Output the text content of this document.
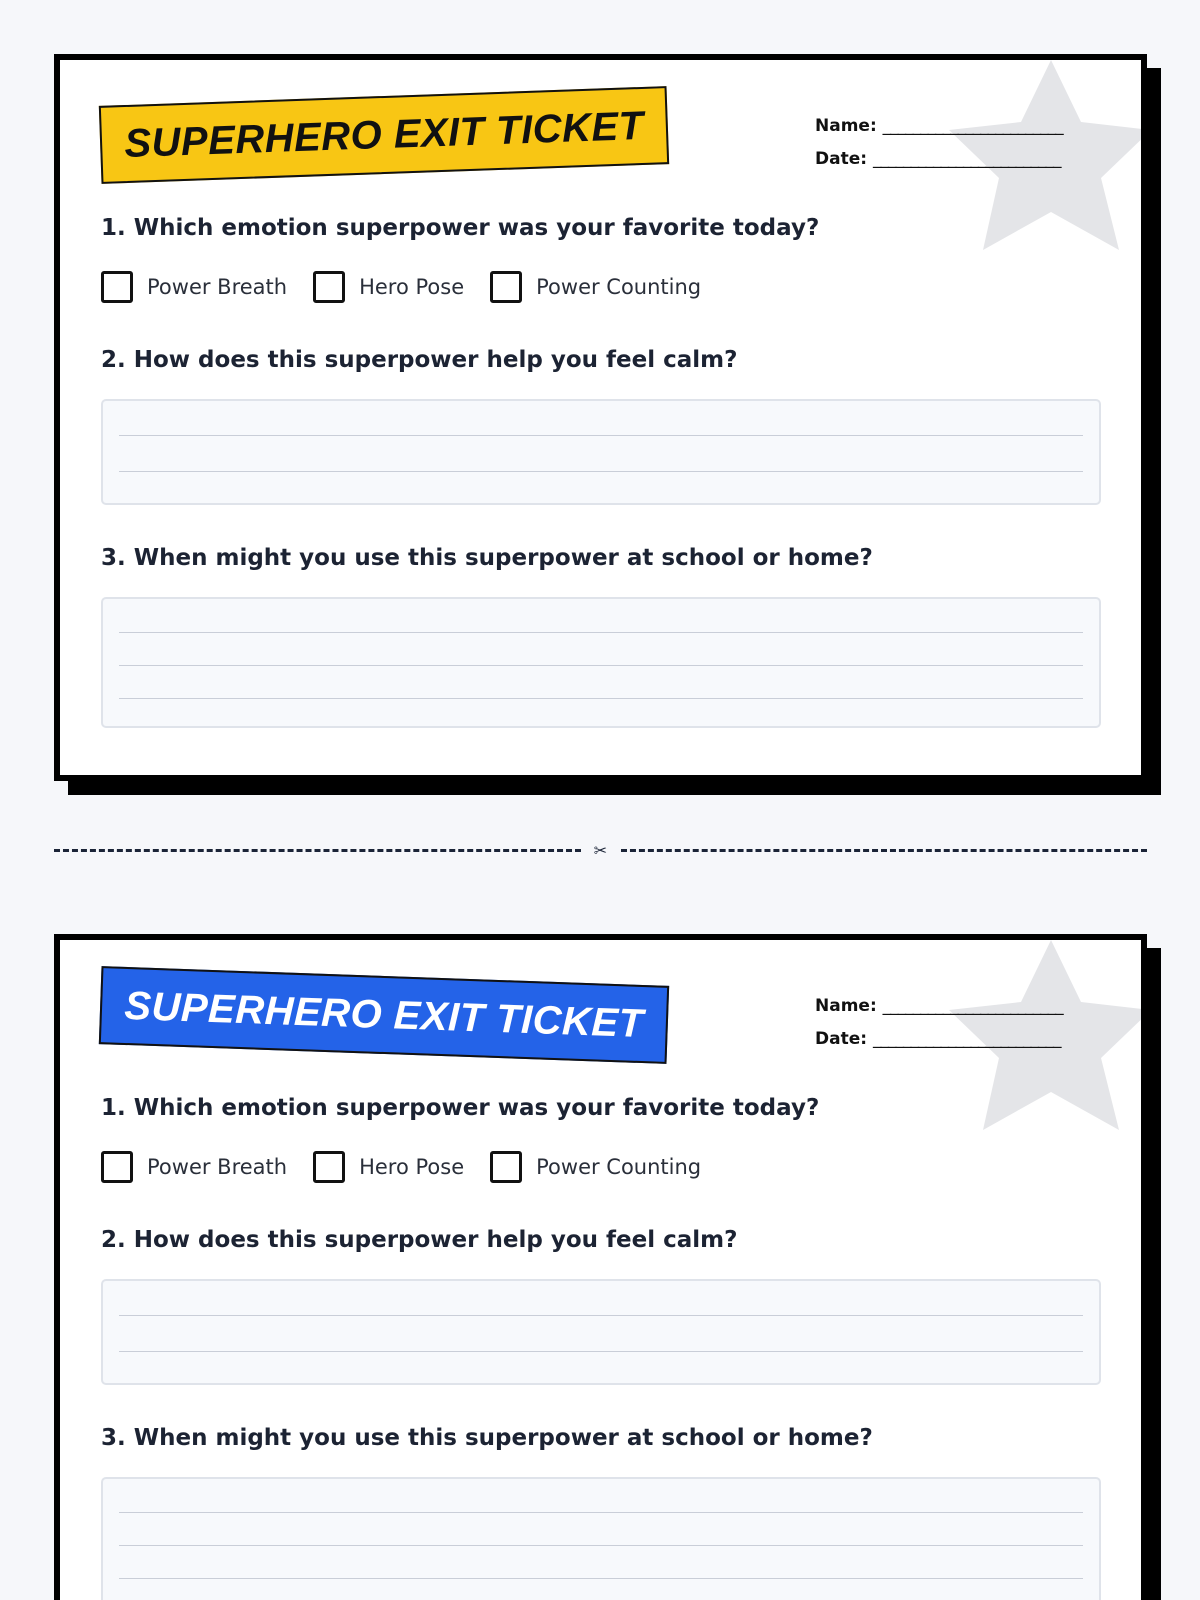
SUPERHERO EXIT TICKET	Name: ________________________
Date: _________________________
1. Which emotion superpower was your favorite today?
Power Breath	Hero Pose	Power Counting
2. How does this superpower help you feel calm?
3. When might you use this superpower at school or home?
✂
SUPERHERO EXIT TICKET	Name: ________________________
Date: _________________________
1. Which emotion superpower was your favorite today?
Power Breath	Hero Pose	Power Counting
2. How does this superpower help you feel calm?
3. When might you use this superpower at school or home?
